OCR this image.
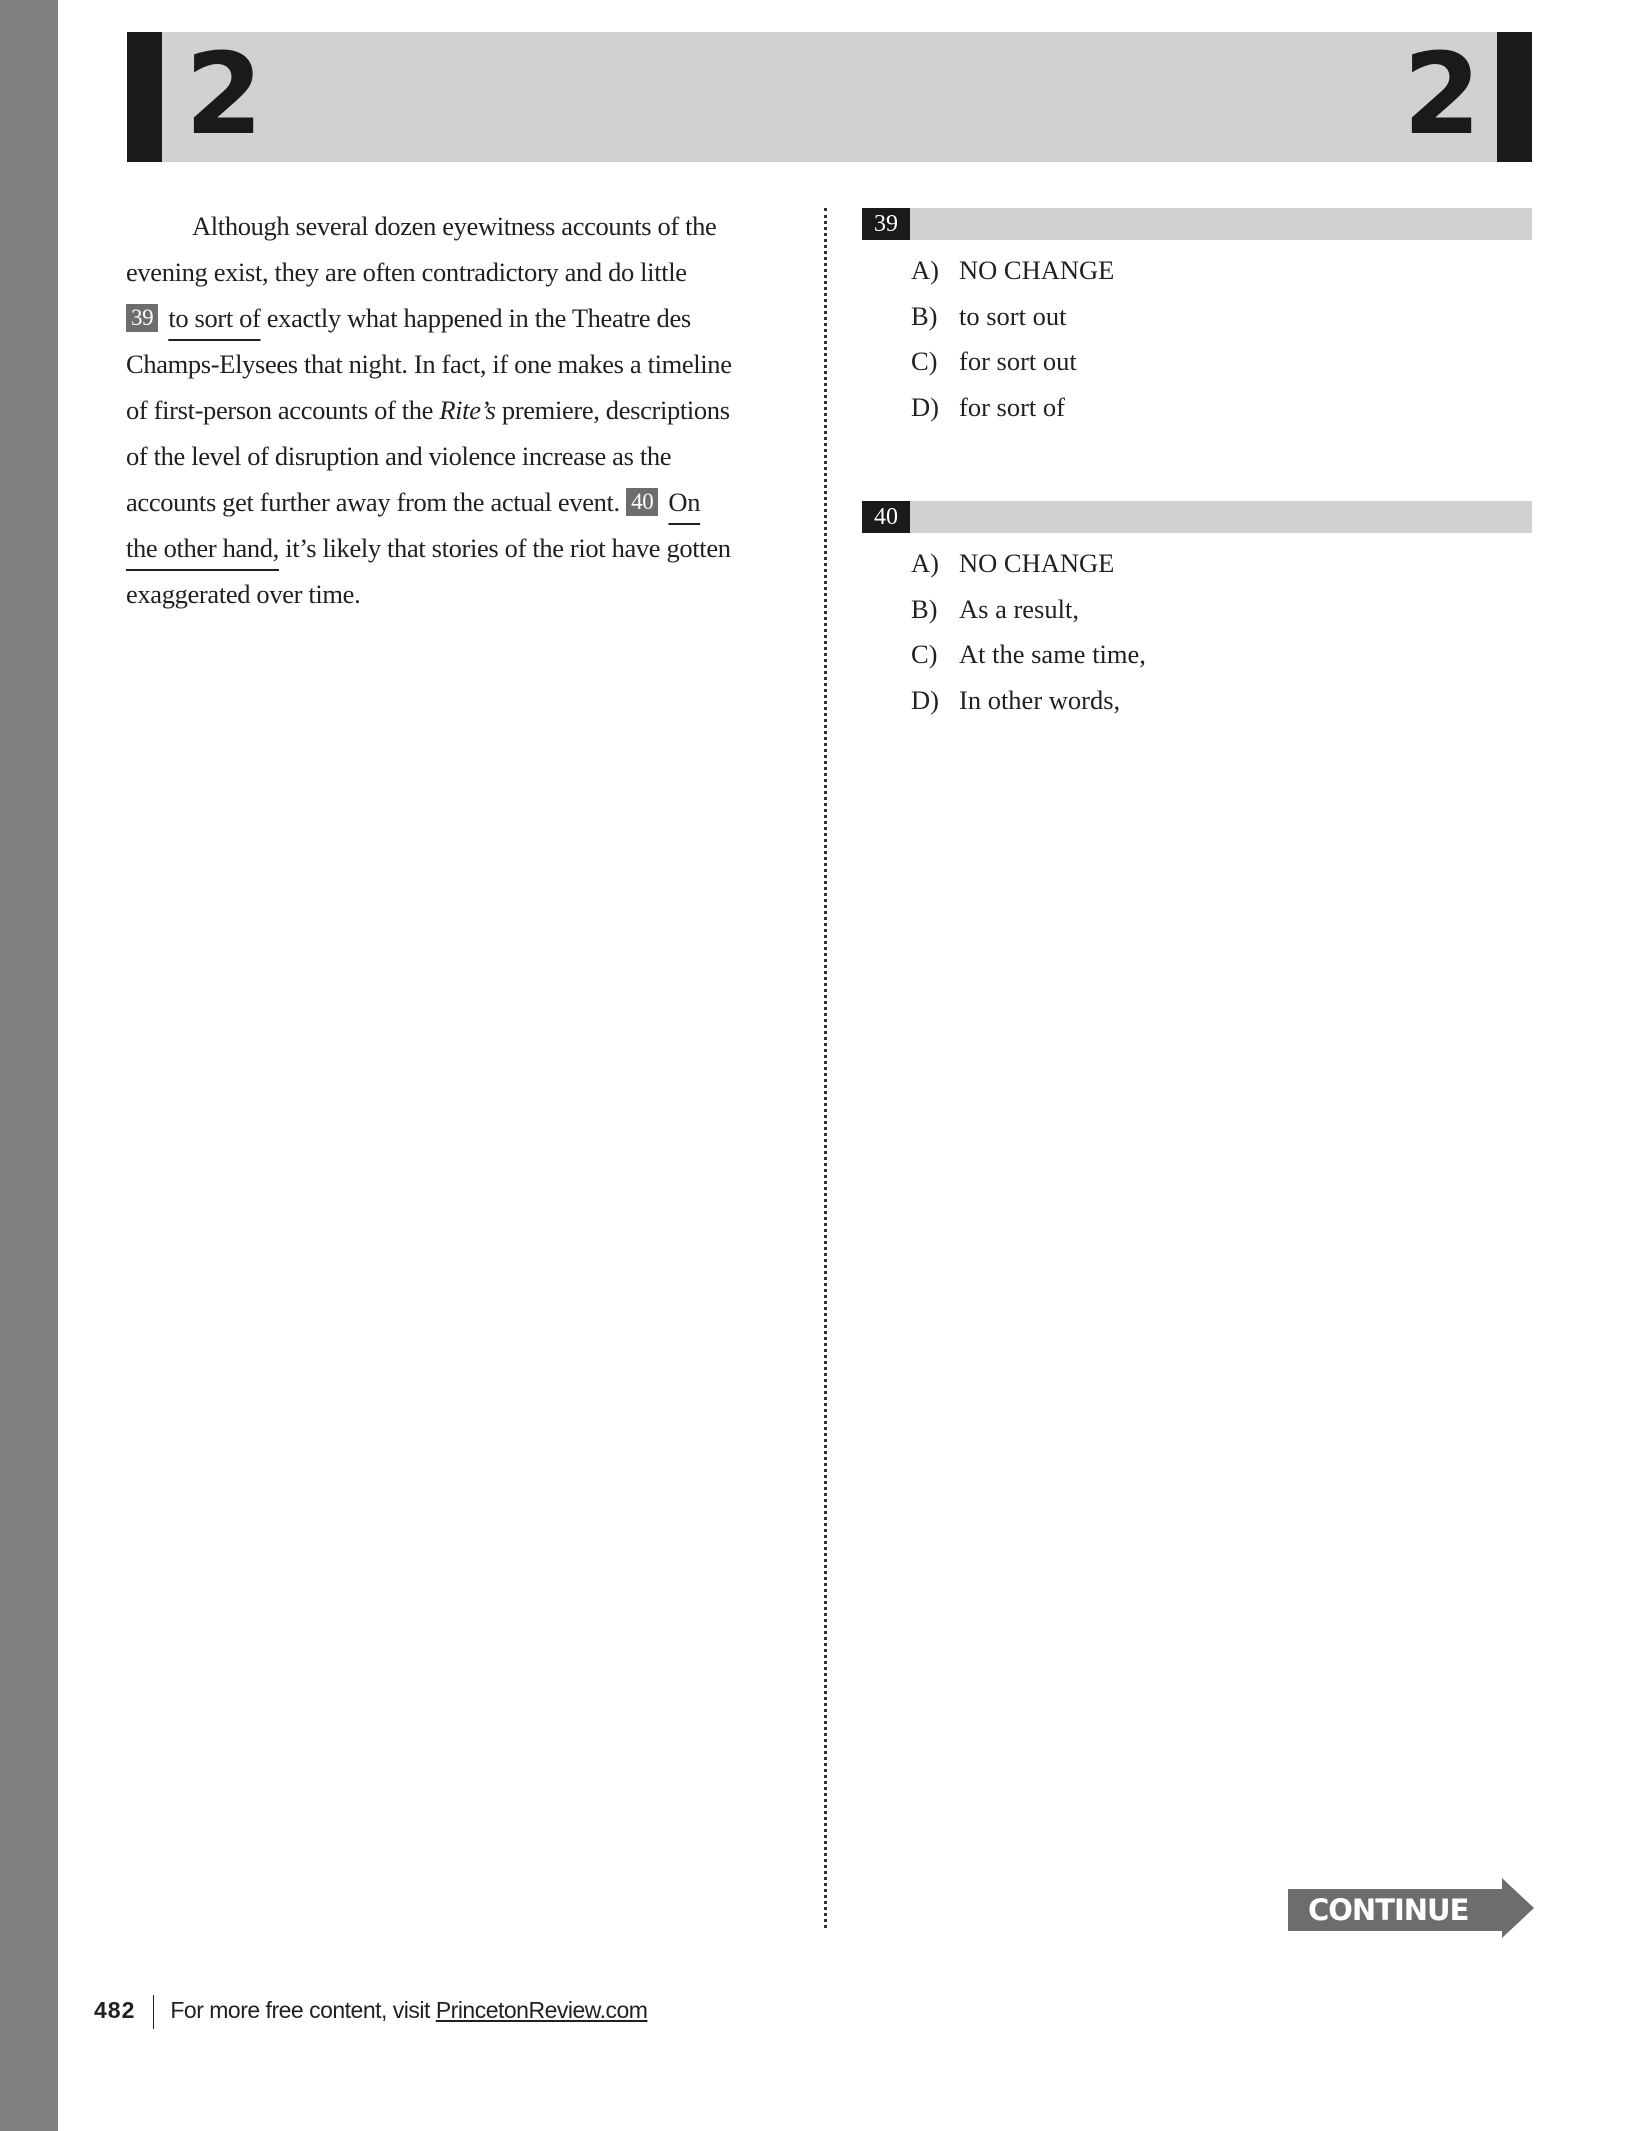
2	2
Although several dozen eyewitness accounts of the
evening exist, they are often contradictory and do little
39 to sort of exactly what happened in the Theatre des
Champs-Elysees that night. In fact, if one makes a timeline
of first-person accounts of the Rite’s premiere, descriptions
of the level of disruption and violence increase as the
accounts get further away from the actual event. 40 On
the other hand, it’s likely that stories of the riot have gotten
exaggerated over time.
39
A) NO CHANGE
B) to sort out
C) for sort out
D) for sort of
40
A) NO CHANGE
B) As a result,
C) At the same time,
D) In other words,
CONTINUE
482 For more free content, visit PrincetonReview.com
